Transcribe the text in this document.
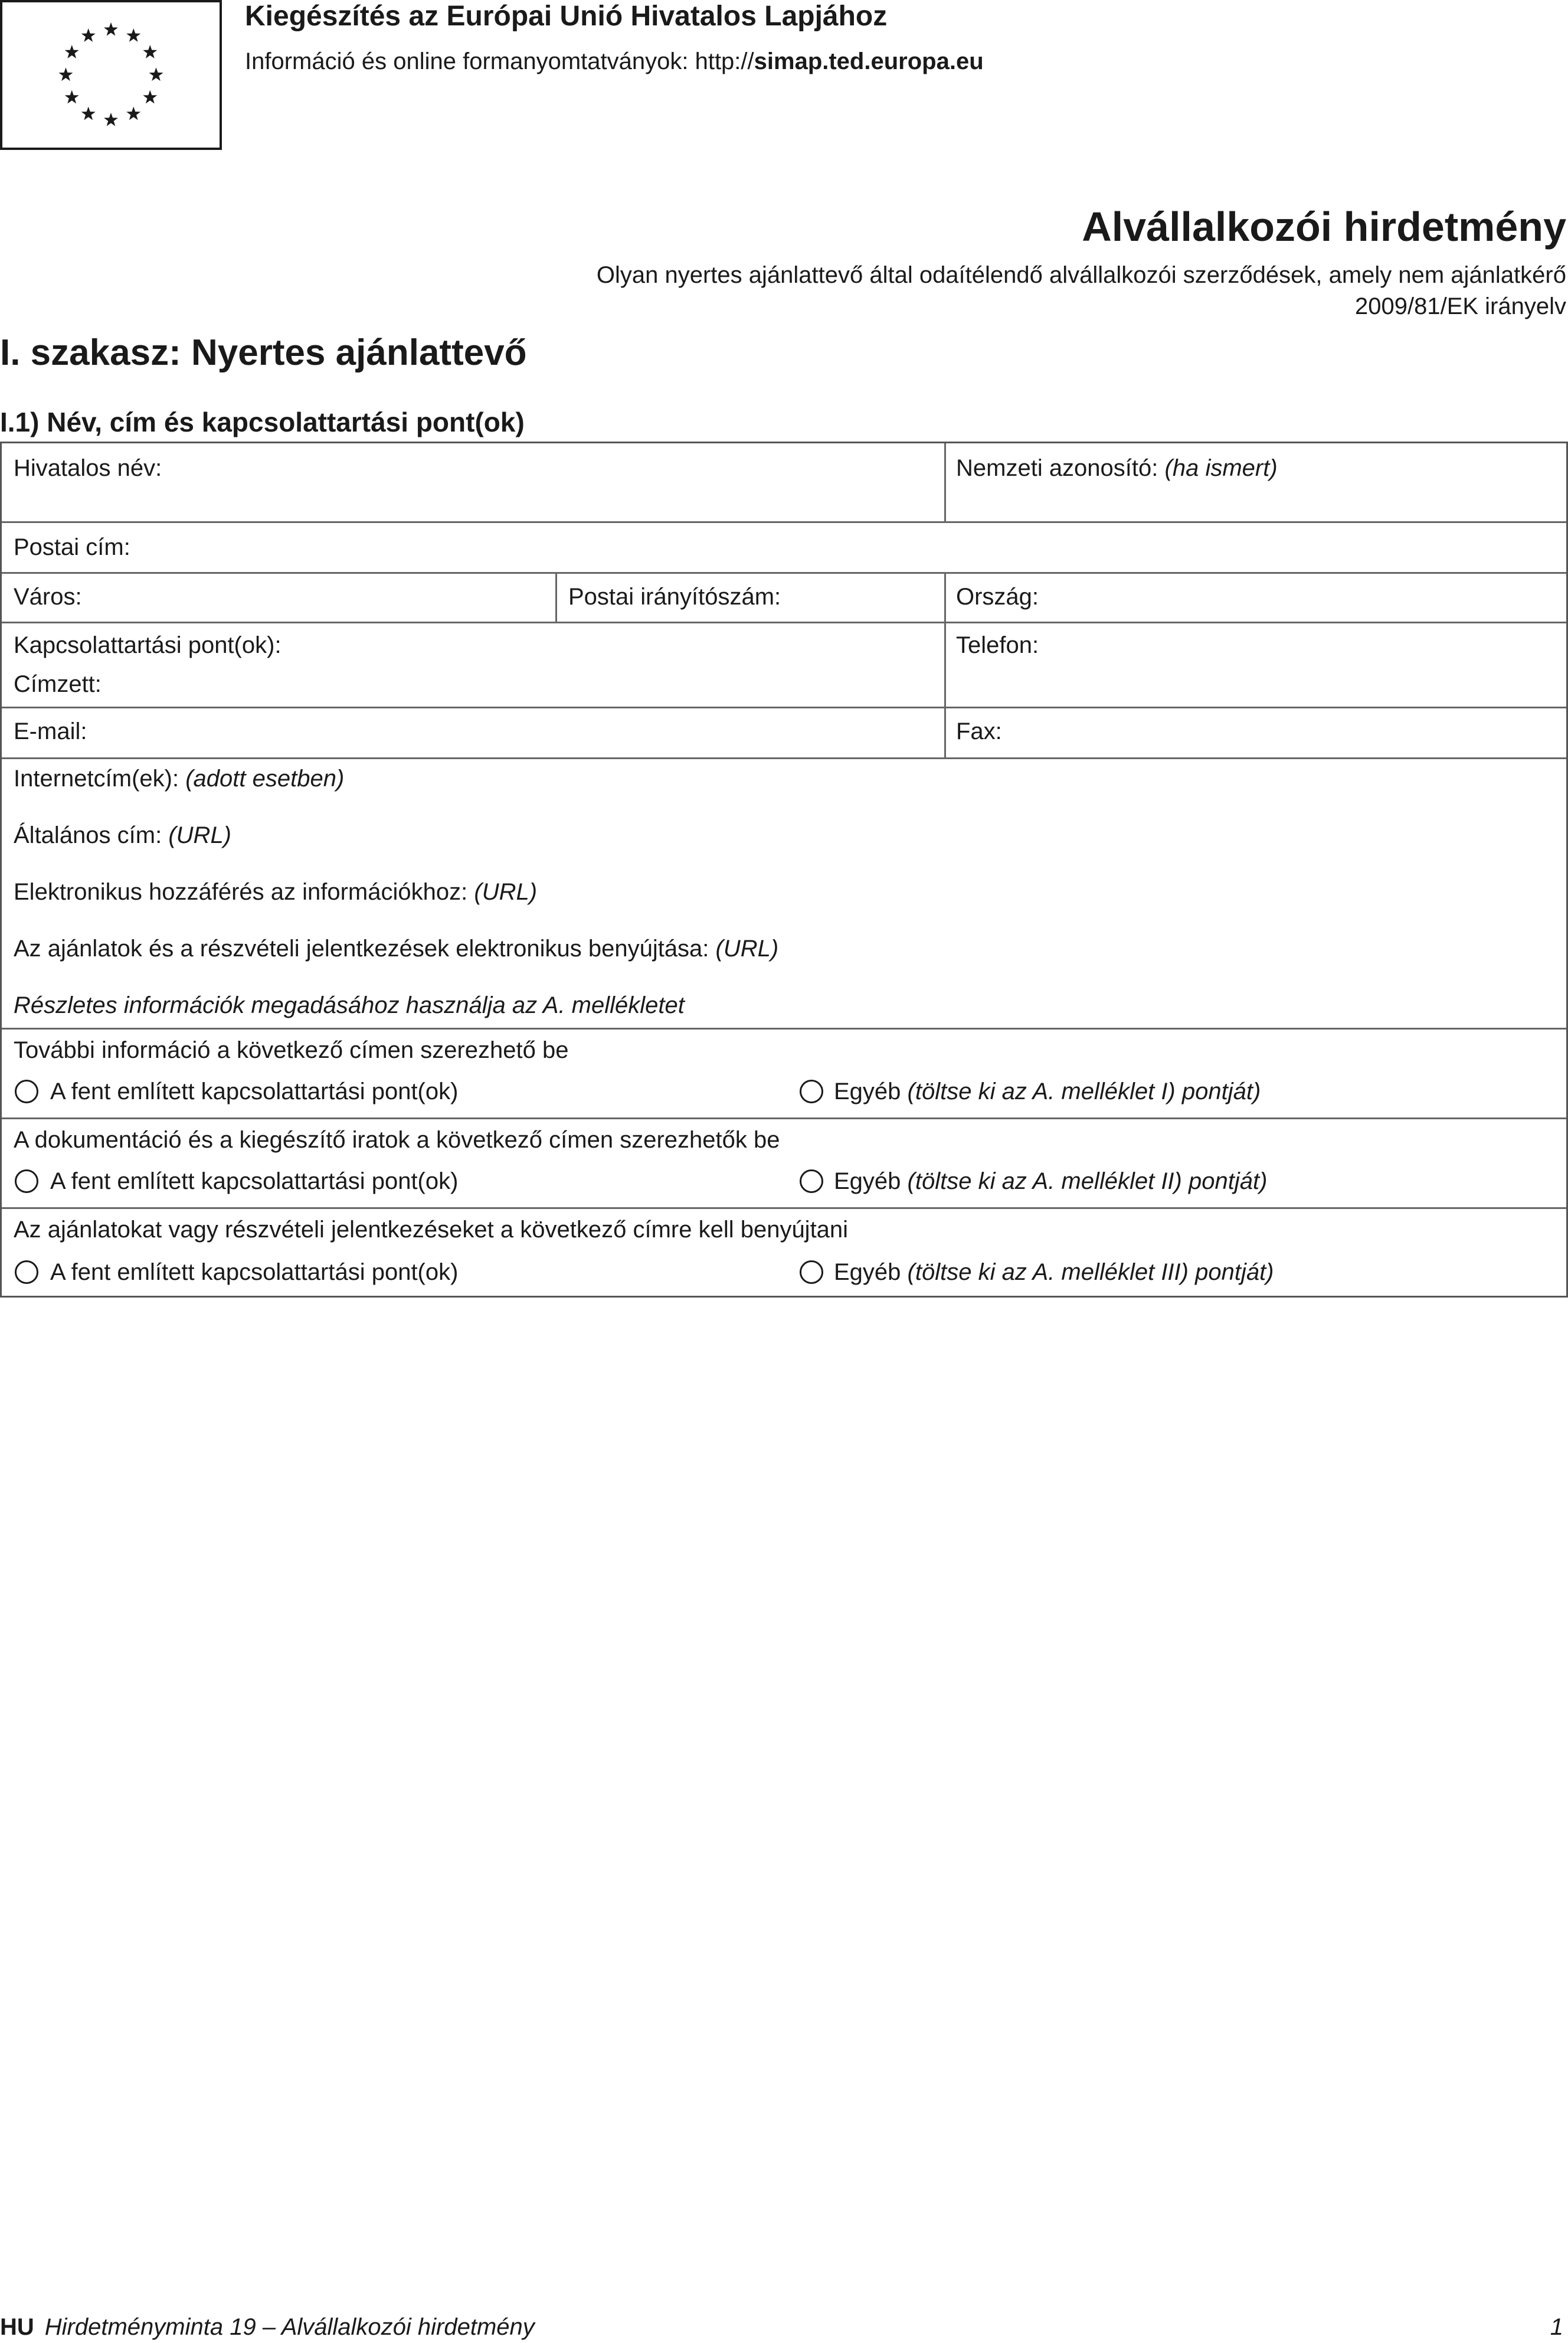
Kiegészítés az Európai Unió Hivatalos Lapjához
Információ és online formanyomtatványok: http://simap.ted.europa.eu
Alvállalkozói hirdetmény
Olyan nyertes ajánlattevő által odaítélendő alvállalkozói szerződések, amely nem ajánlatkérő 2009/81/EK irányelv
I. szakasz: Nyertes ajánlattevő
I.1) Név, cím és kapcsolattartási pont(ok)
Hivatalos név:	Nemzeti azonosító: (ha ismert)
Postai cím:
Város:	Postai irányítószám:	Ország:
Kapcsolattartási pont(ok):
Címzett:
Telefon:
E-mail:	Fax:
Internetcím(ek): (adott esetben)
Általános cím: (URL)
Elektronikus hozzáférés az információkhoz: (URL)
Az ajánlatok és a részvételi jelentkezések elektronikus benyújtása: (URL)
Részletes információk megadásához használja az A. mellékletet
További információ a következő címen szerezhető be
A fent említett kapcsolattartási pont(ok)	Egyéb (töltse ki az A. melléklet I) pontját)
A dokumentáció és a kiegészítő iratok a következő címen szerezhetők be
A fent említett kapcsolattartási pont(ok)	Egyéb (töltse ki az A. melléklet II) pontját)
Az ajánlatokat vagy részvételi jelentkezéseket a következő címre kell benyújtani
A fent említett kapcsolattartási pont(ok)	Egyéb (töltse ki az A. melléklet III) pontját)
HU Hirdetményminta 19 – Alvállalkozói hirdetmény	1
